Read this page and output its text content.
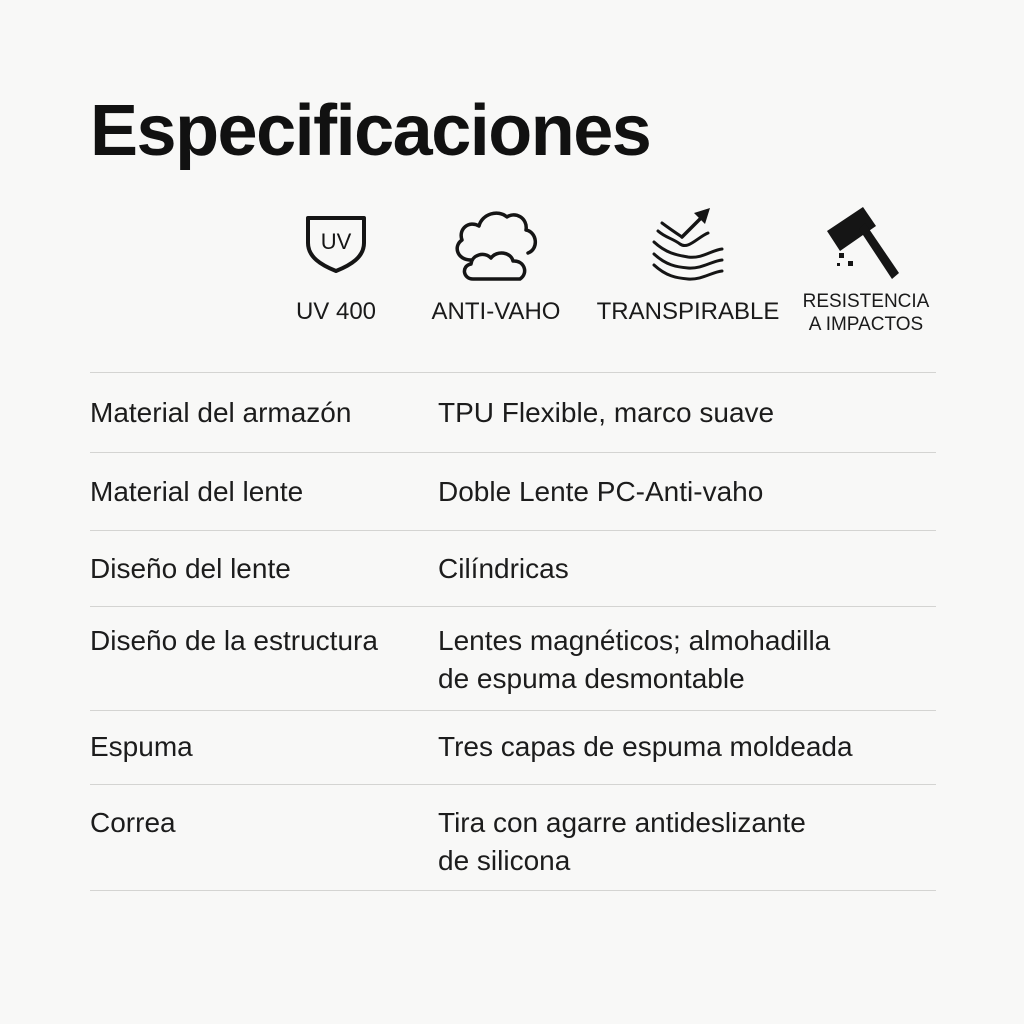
Especificaciones
UV
UV 400	ANTI-VAHO	TRANSPIRABLE	RESISTENCIA
A IMPACTOS
Material del armazón	TPU Flexible, marco suave
Material del lente	Doble Lente PC-Anti-vaho
Diseño del lente	Cilíndricas
Diseño de la estructura	Lentes magnéticos; almohadilla
de espuma desmontable
Espuma	Tres capas de espuma moldeada
Correa	Tira con agarre antideslizante
de silicona
